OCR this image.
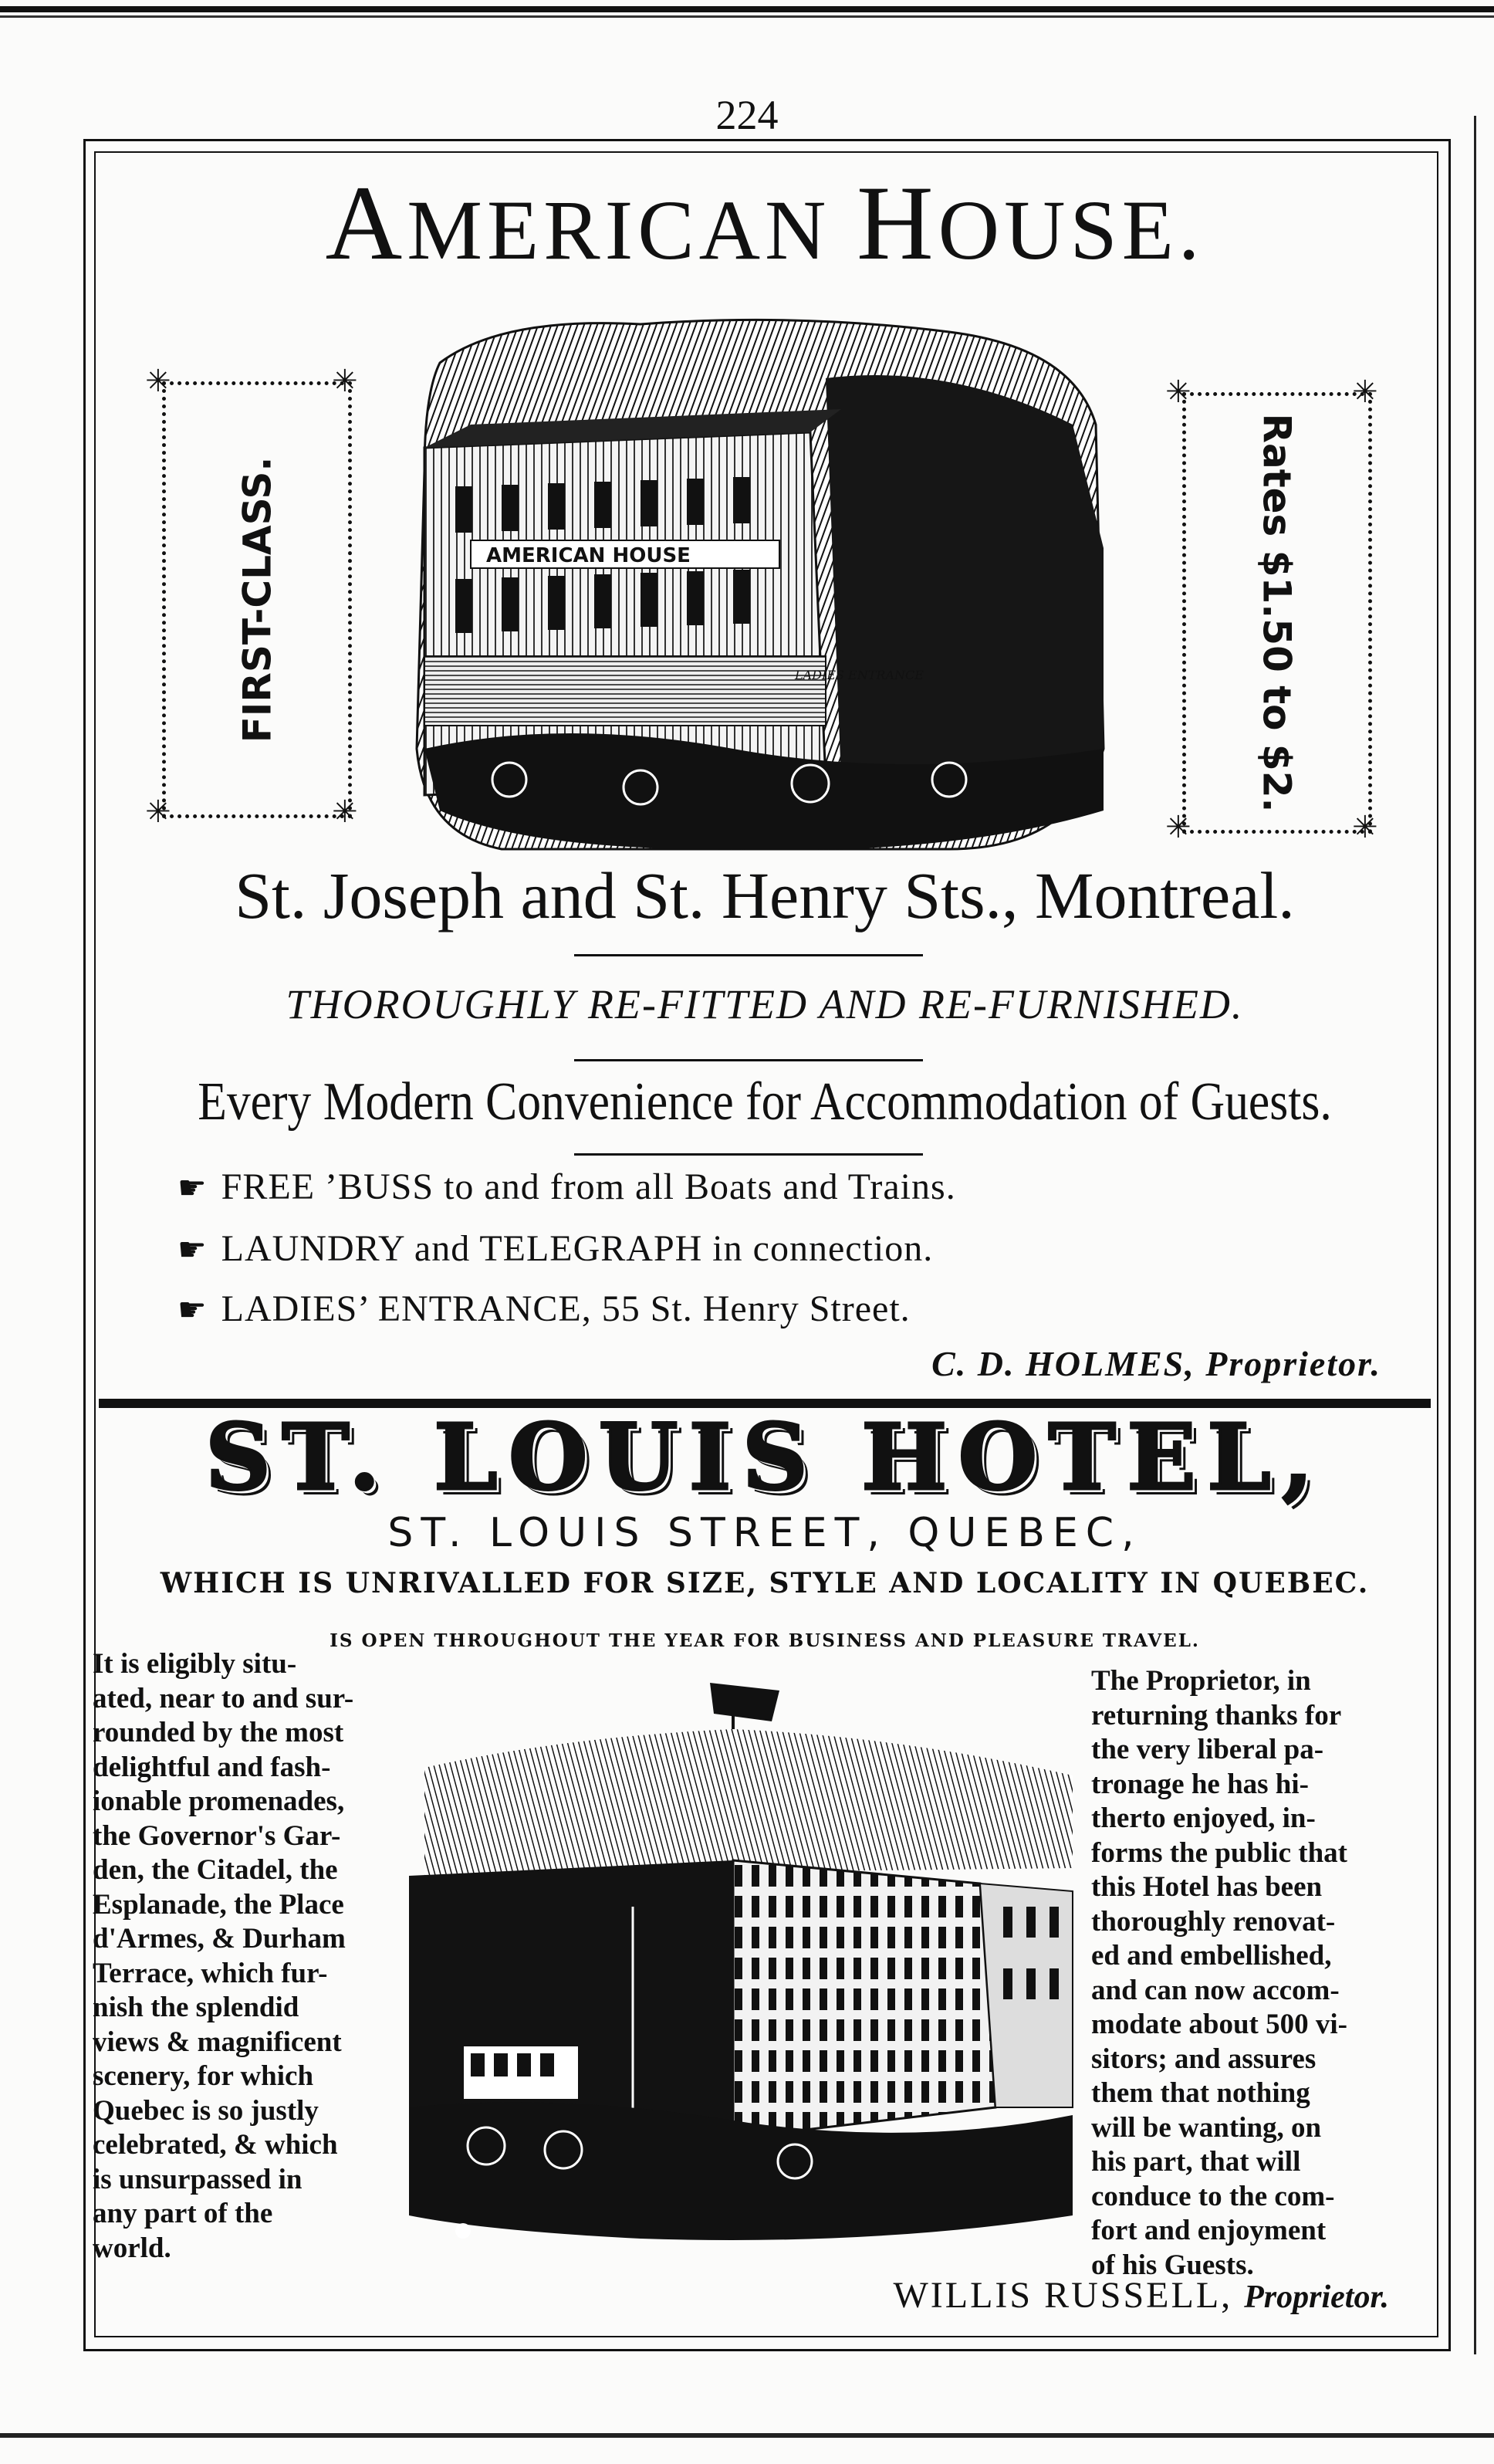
224
AMERICAN HOUSE.
✳	✳
✳	✳
FIRST-CLASS.
✳	✳
✳	✳
Rates $1.50 to $2.
AMERICAN HOUSE
LADIES ENTRANCE
St. Joseph and St. Henry Sts., Montreal.
THOROUGHLY RE-FITTED AND RE-FURNISHED.
Every Modern Convenience for Accommodation of Guests.
☛ FREE ’BUSS to and from all Boats and Trains.
☛ LAUNDRY and TELEGRAPH in connection.
☛ LADIES’ ENTRANCE, 55 St. Henry Street.
C. D. HOLMES, Proprietor.
ST. LOUIS HOTEL,
ST. LOUIS STREET, QUEBEC,
WHICH IS UNRIVALLED FOR SIZE, STYLE AND LOCALITY IN QUEBEC.
IS OPEN THROUGHOUT THE YEAR FOR BUSINESS AND PLEASURE TRAVEL.
It is eligibly situ-
ated, near to and sur-
rounded by the most
delightful and fash-
ionable promenades,
the Governor's Gar-
den, the Citadel, the
Esplanade, the Place
d'Armes, & Durham
Terrace, which fur-
nish the splendid
views & magnificent
scenery, for which
Quebec is so justly
celebrated, & which
is unsurpassed in
any part of the
world.
The Proprietor, in
returning thanks for
the very liberal pa-
tronage he has hi-
therto enjoyed, in-
forms the public that
this Hotel has been
thoroughly renovat-
ed and embellished,
and can now accom-
modate about 500 vi-
sitors; and assures
them that nothing
will be wanting, on
his part, that will
conduce to the com-
fort and enjoyment
of his Guests.
WILLIS RUSSELL, Proprietor.
